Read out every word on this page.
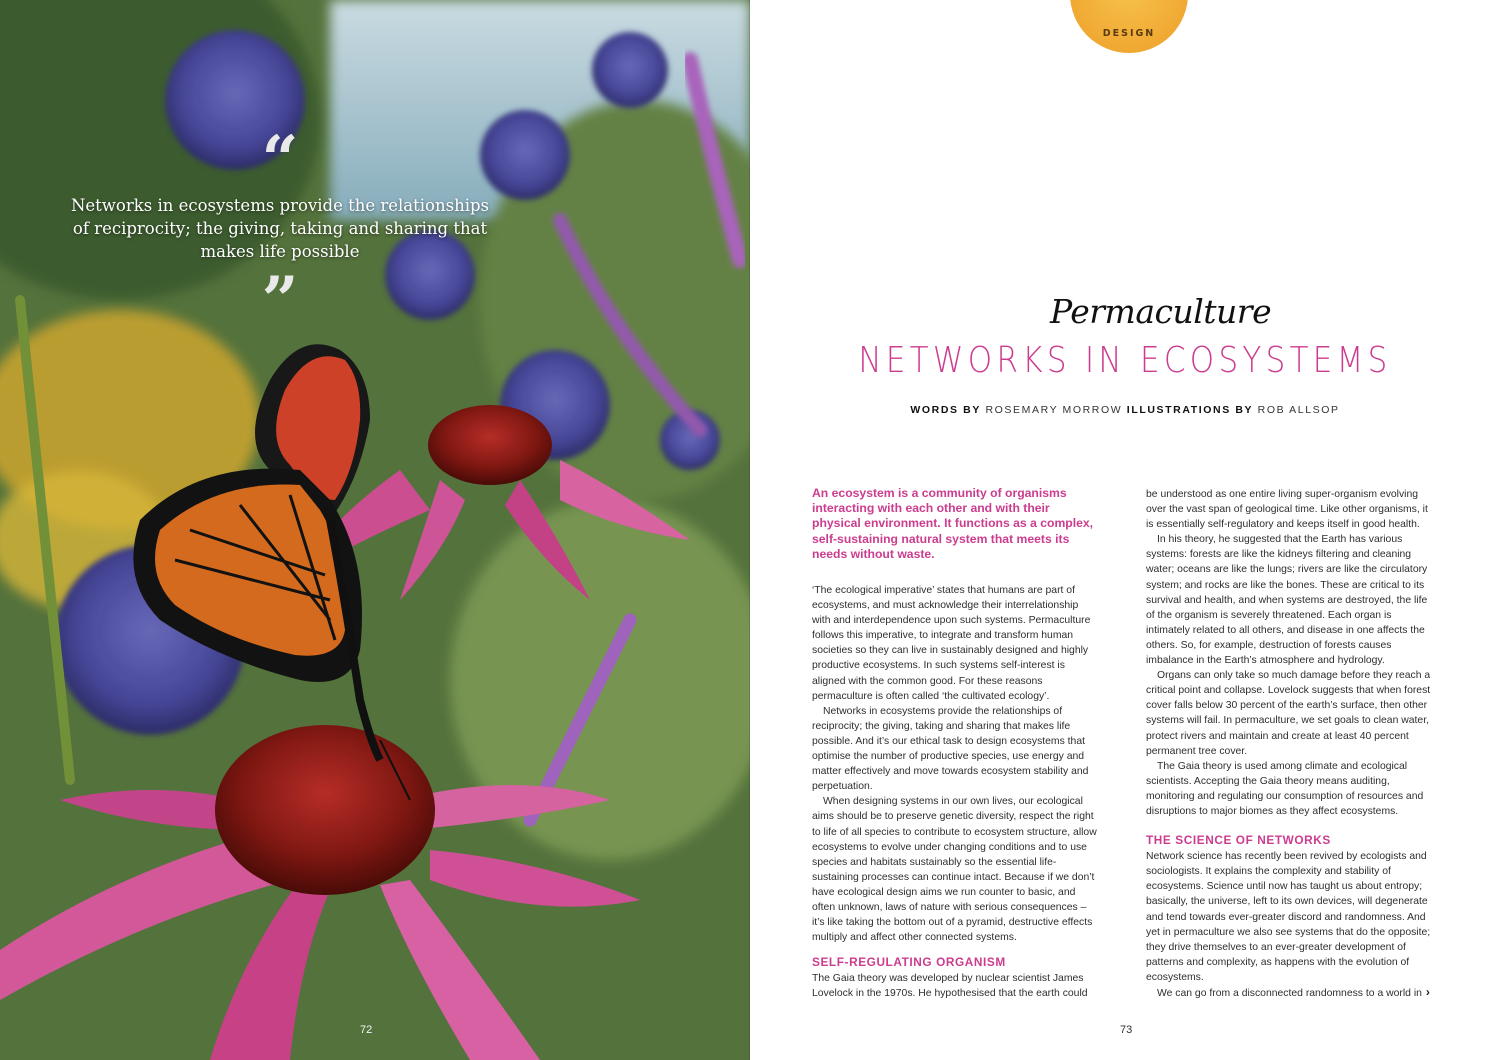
“
Networks in ecosystems provide the relationships of reciprocity; the giving, taking and sharing that makes life possible
”
72
DESIGN
Permaculture
NETWORKS IN ECOSYSTEMS
WORDS BY ROSEMARY MORROW ILLUSTRATIONS BY ROB ALLSOP
An ecosystem is a community of organisms interacting with each other and with their physical environment. It functions as a complex, self-sustaining natural system that meets its needs without waste.

‘The ecological imperative’ states that humans are part of ecosystems, and must acknowledge their interrelationship with and interdependence upon such systems. Permaculture follows this imperative, to integrate and transform human societies so they can live in sustainably designed and highly productive ecosystems. In such systems self-interest is aligned with the common good. For these reasons permaculture is often called ‘the cultivated ecology’.

Networks in ecosystems provide the relationships of reciprocity; the giving, taking and sharing that makes life possible. And it’s our ethical task to design ecosystems that optimise the number of productive species, use energy and matter effectively and move towards ecosystem stability and perpetuation.

When designing systems in our own lives, our ecological aims should be to preserve genetic diversity, respect the right to life of all species to contribute to ecosystem structure, allow ecosystems to evolve under changing conditions and to use species and habitats sustainably so the essential life-sustaining processes can continue intact. Because if we don’t have ecological design aims we run counter to basic, and often unknown, laws of nature with serious consequences – it’s like taking the bottom out of a pyramid, destructive effects multiply and affect other connected systems.

SELF-REGULATING ORGANISM

The Gaia theory was developed by nuclear scientist James Lovelock in the 1970s. He hypothesised that the earth could

be understood as one entire living super-organism evolving over the vast span of geological time. Like other organisms, it is essentially self-regulatory and keeps itself in good health.

In his theory, he suggested that the Earth has various systems: forests are like the kidneys filtering and cleaning water; oceans are like the lungs; rivers are like the circulatory system; and rocks are like the bones. These are critical to its survival and health, and when systems are destroyed, the life of the organism is severely threatened. Each organ is intimately related to all others, and disease in one affects the others. So, for example, destruction of forests causes imbalance in the Earth’s atmosphere and hydrology.

Organs can only take so much damage before they reach a critical point and collapse. Lovelock suggests that when forest cover falls below 30 percent of the earth’s surface, then other systems will fail. In permaculture, we set goals to clean water, protect rivers and maintain and create at least 40 percent permanent tree cover.

The Gaia theory is used among climate and ecological scientists. Accepting the Gaia theory means auditing, monitoring and regulating our consumption of resources and disruptions to major biomes as they affect ecosystems.

THE SCIENCE OF NETWORKS

Network science has recently been revived by ecologists and sociologists. It explains the complexity and stability of ecosystems. Science until now has taught us about entropy; basically, the universe, left to its own devices, will degenerate and tend towards ever-greater discord and randomness. And yet in permaculture we also see systems that do the opposite; they drive themselves to an ever-greater development of patterns and complexity, as happens with the evolution of ecosystems.

We can go from a disconnected randomness to a world in ›

73
